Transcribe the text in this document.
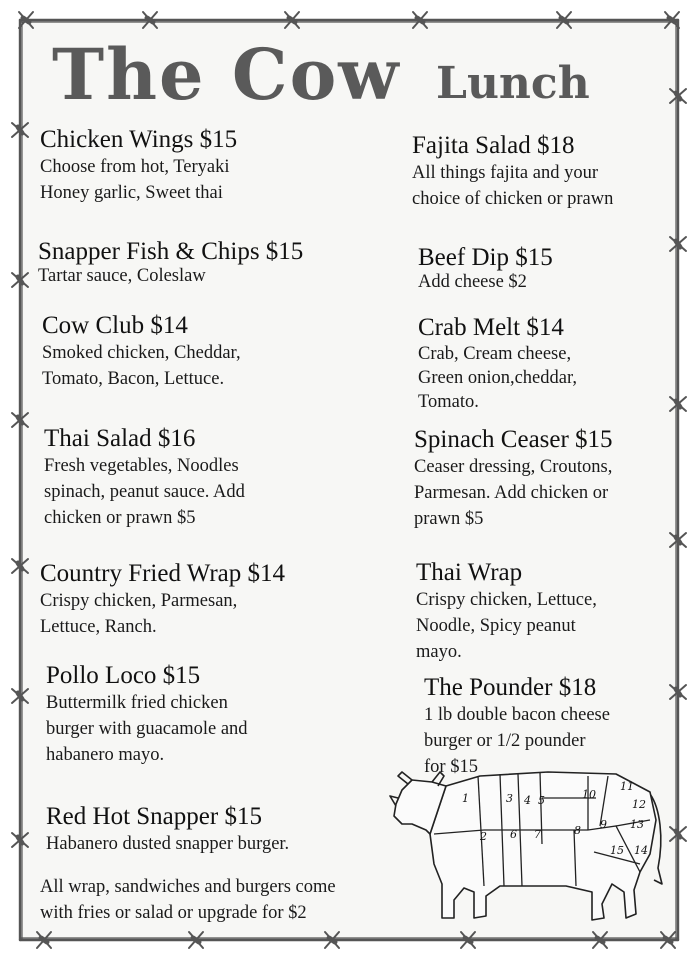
The Cow Lunch
Chicken Wings $15
Choose from hot, Teryaki
Honey garlic, Sweet thai
Snapper Fish & Chips $15
Tartar sauce, Coleslaw
Cow Club $14
Smoked chicken, Cheddar,
Tomato, Bacon, Lettuce.
Thai Salad $16
Fresh vegetables, Noodles
spinach, peanut sauce. Add
chicken or prawn $5
Country Fried Wrap $14
Crispy chicken, Parmesan,
Lettuce, Ranch.
Pollo Loco $15
Buttermilk fried chicken
burger with guacamole and
habanero mayo.
Red Hot Snapper $15
Habanero dusted snapper burger.
Fajita Salad $18
All things fajita and your
choice of chicken or prawn
Beef Dip $15
Add cheese $2
Crab Melt $14
Crab, Cream cheese,
Green onion,cheddar,
Tomato.
Spinach Ceaser $15
Ceaser dressing, Croutons,
Parmesan. Add chicken or
prawn $5
Thai Wrap
Crispy chicken, Lettuce,
Noodle, Spicy peanut
mayo.
The Pounder $18
1 lb double bacon cheese
burger or 1/2 pounder
for $15
All wrap, sandwiches and burgers come
with fries or salad or upgrade for $2
1
2
3 4 5
6 7	8 9
10
11
12
13
14
15
